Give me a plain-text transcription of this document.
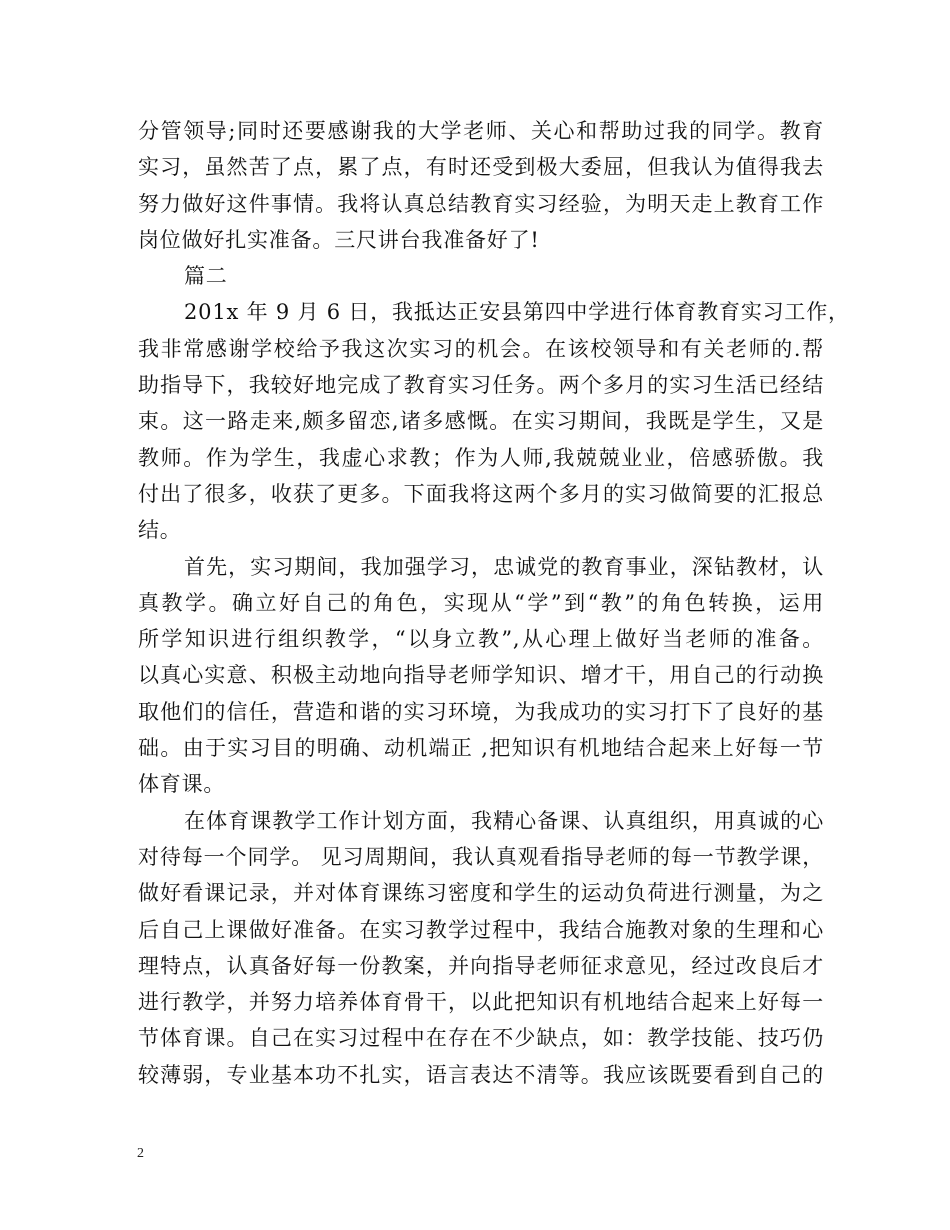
分管领导;同时还要感谢我的大学老师、关心和帮助过我的同学。教育
实习，虽然苦了点，累了点，有时还受到极大委屈，但我认为值得我去
努力做好这件事情。我将认真总结教育实习经验，为明天走上教育工作
岗位做好扎实准备。三尺讲台我准备好了!
篇二
201x 年 9 月 6 日，我抵达正安县第四中学进行体育教育实习工作，
我非常感谢学校给予我这次实习的机会。在该校领导和有关老师的.帮
助指导下，我较好地完成了教育实习任务。两个多月的实习生活已经结
束。这一路走来,颇多留恋,诸多感慨。在实习期间，我既是学生，又是
教师。作为学生，我虚心求教；作为人师,我兢兢业业，倍感骄傲。我
付出了很多，收获了更多。下面我将这两个多月的实习做简要的汇报总
结。
首先，实习期间，我加强学习，忠诚党的教育事业，深钻教材，认
真教学。确立好自己的角色，实现从“学”到“教”的角色转换，运用
所学知识进行组织教学，“以身立教”,从心理上做好当老师的准备。
以真心实意、积极主动地向指导老师学知识、增才干，用自己的行动换
取他们的信任，营造和谐的实习环境，为我成功的实习打下了良好的基
础。由于实习目的明确、动机端正 ,把知识有机地结合起来上好每一节
体育课。
在体育课教学工作计划方面，我精心备课、认真组织，用真诚的心
对待每一个同学。 见习周期间，我认真观看指导老师的每一节教学课，
做好看课记录，并对体育课练习密度和学生的运动负荷进行测量，为之
后自己上课做好准备。在实习教学过程中，我结合施教对象的生理和心
理特点，认真备好每一份教案，并向指导老师征求意见，经过改良后才
进行教学，并努力培养体育骨干，以此把知识有机地结合起来上好每一
节体育课。自己在实习过程中在存在不少缺点，如：教学技能、技巧仍
较薄弱，专业基本功不扎实，语言表达不清等。我应该既要看到自己的
2
